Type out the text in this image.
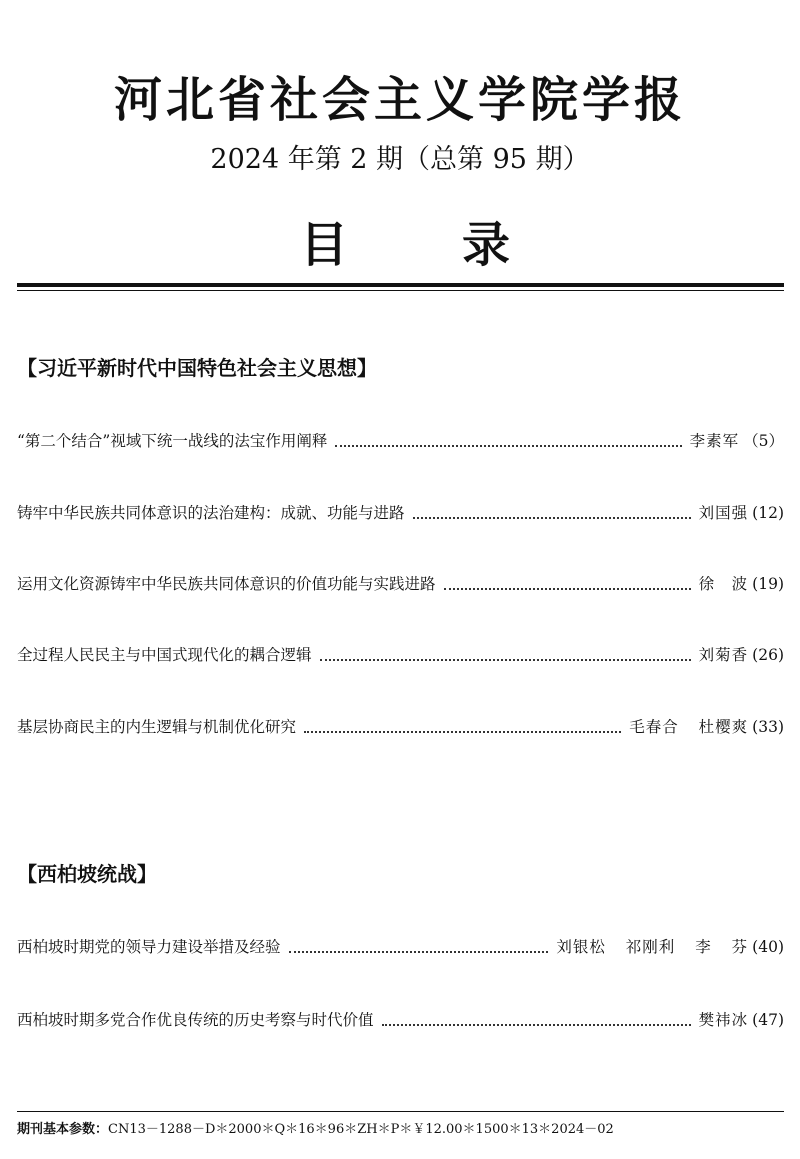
河北省社会主义学院学报
2024 年第 2 期（总第 95 期）
目 录
【习近平新时代中国特色社会主义思想】
“第二个结合”视域下统一战线的法宝作用阐释	李素军 （5）
铸牢中华民族共同体意识的法治建构：成就、功能与进路	刘国强 (12)
运用文化资源铸牢中华民族共同体意识的价值功能与实践进路	徐　波 (19)
全过程人民民主与中国式现代化的耦合逻辑	刘菊香 (26)
基层协商民主的内生逻辑与机制优化研究	毛春合 杜樱爽 (33)
【西柏坡统战】
西柏坡时期党的领导力建设举措及经验	刘银松 祁刚利 李 芬 (40)
西柏坡时期多党合作优良传统的历史考察与时代价值	樊祎冰 (47)
期刊基本参数：CN13－1288－D＊2000＊Q＊16＊96＊ZH＊P＊￥12.00＊1500＊13＊2024－02
